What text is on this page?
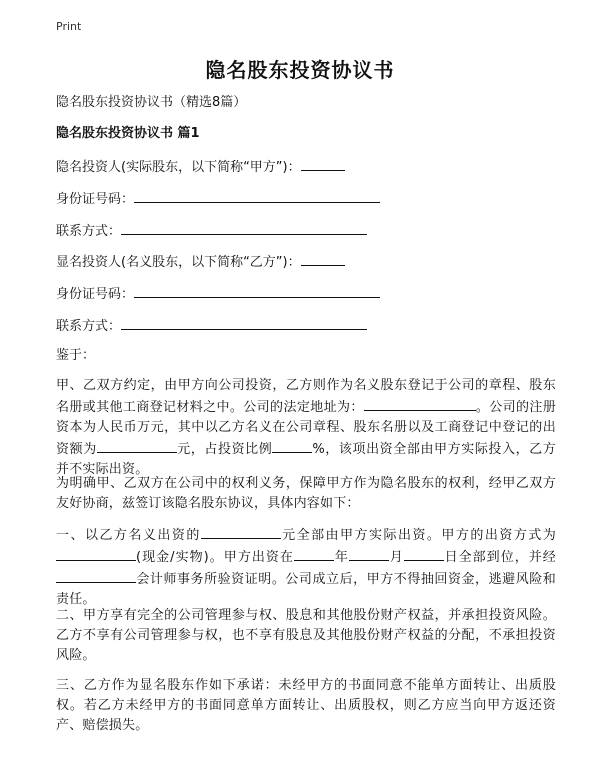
Print
隐名股东投资协议书
隐名股东投资协议书（精选8篇）
隐名股东投资协议书 篇1
隐名投资人(实际股东，以下简称“甲方”)：
身份证号码：
联系方式：
显名投资人(名义股东，以下简称“乙方”)：
身份证号码：
联系方式：
鉴于：
甲、乙双方约定，由甲方向公司投资，乙方则作为名义股东登记于公司的章程、股东名册或其他工商登记材料之中。公司的法定地址为：	。公司的注册资本为人民币万元，其中以乙方名义在公司章程、股东名册以及工商登记中登记的出资额为	元，占投资比例	%，该项出资全部由甲方实际投入，乙方并不实际出资。
为明确甲、乙双方在公司中的权利义务，保障甲方作为隐名股东的权利，经甲乙双方友好协商，兹签订该隐名股东协议，具体内容如下：
一、以乙方名义出资的	元全部由甲方实际出资。甲方的出资方式为(现金/实物)。甲方出资在	年	月	日全部到位，并经会计师事务所验资证明。公司成立后，甲方不得抽回资金，逃避风险和责任。
二、甲方享有完全的公司管理参与权、股息和其他股份财产权益，并承担投资风险。乙方不享有公司管理参与权，也不享有股息及其他股份财产权益的分配，不承担投资风险。
三、乙方作为显名股东作如下承诺：未经甲方的书面同意不能单方面转让、出质股权。若乙方未经甲方的书面同意单方面转让、出质股权，则乙方应当向甲方返还资产、赔偿损失。
